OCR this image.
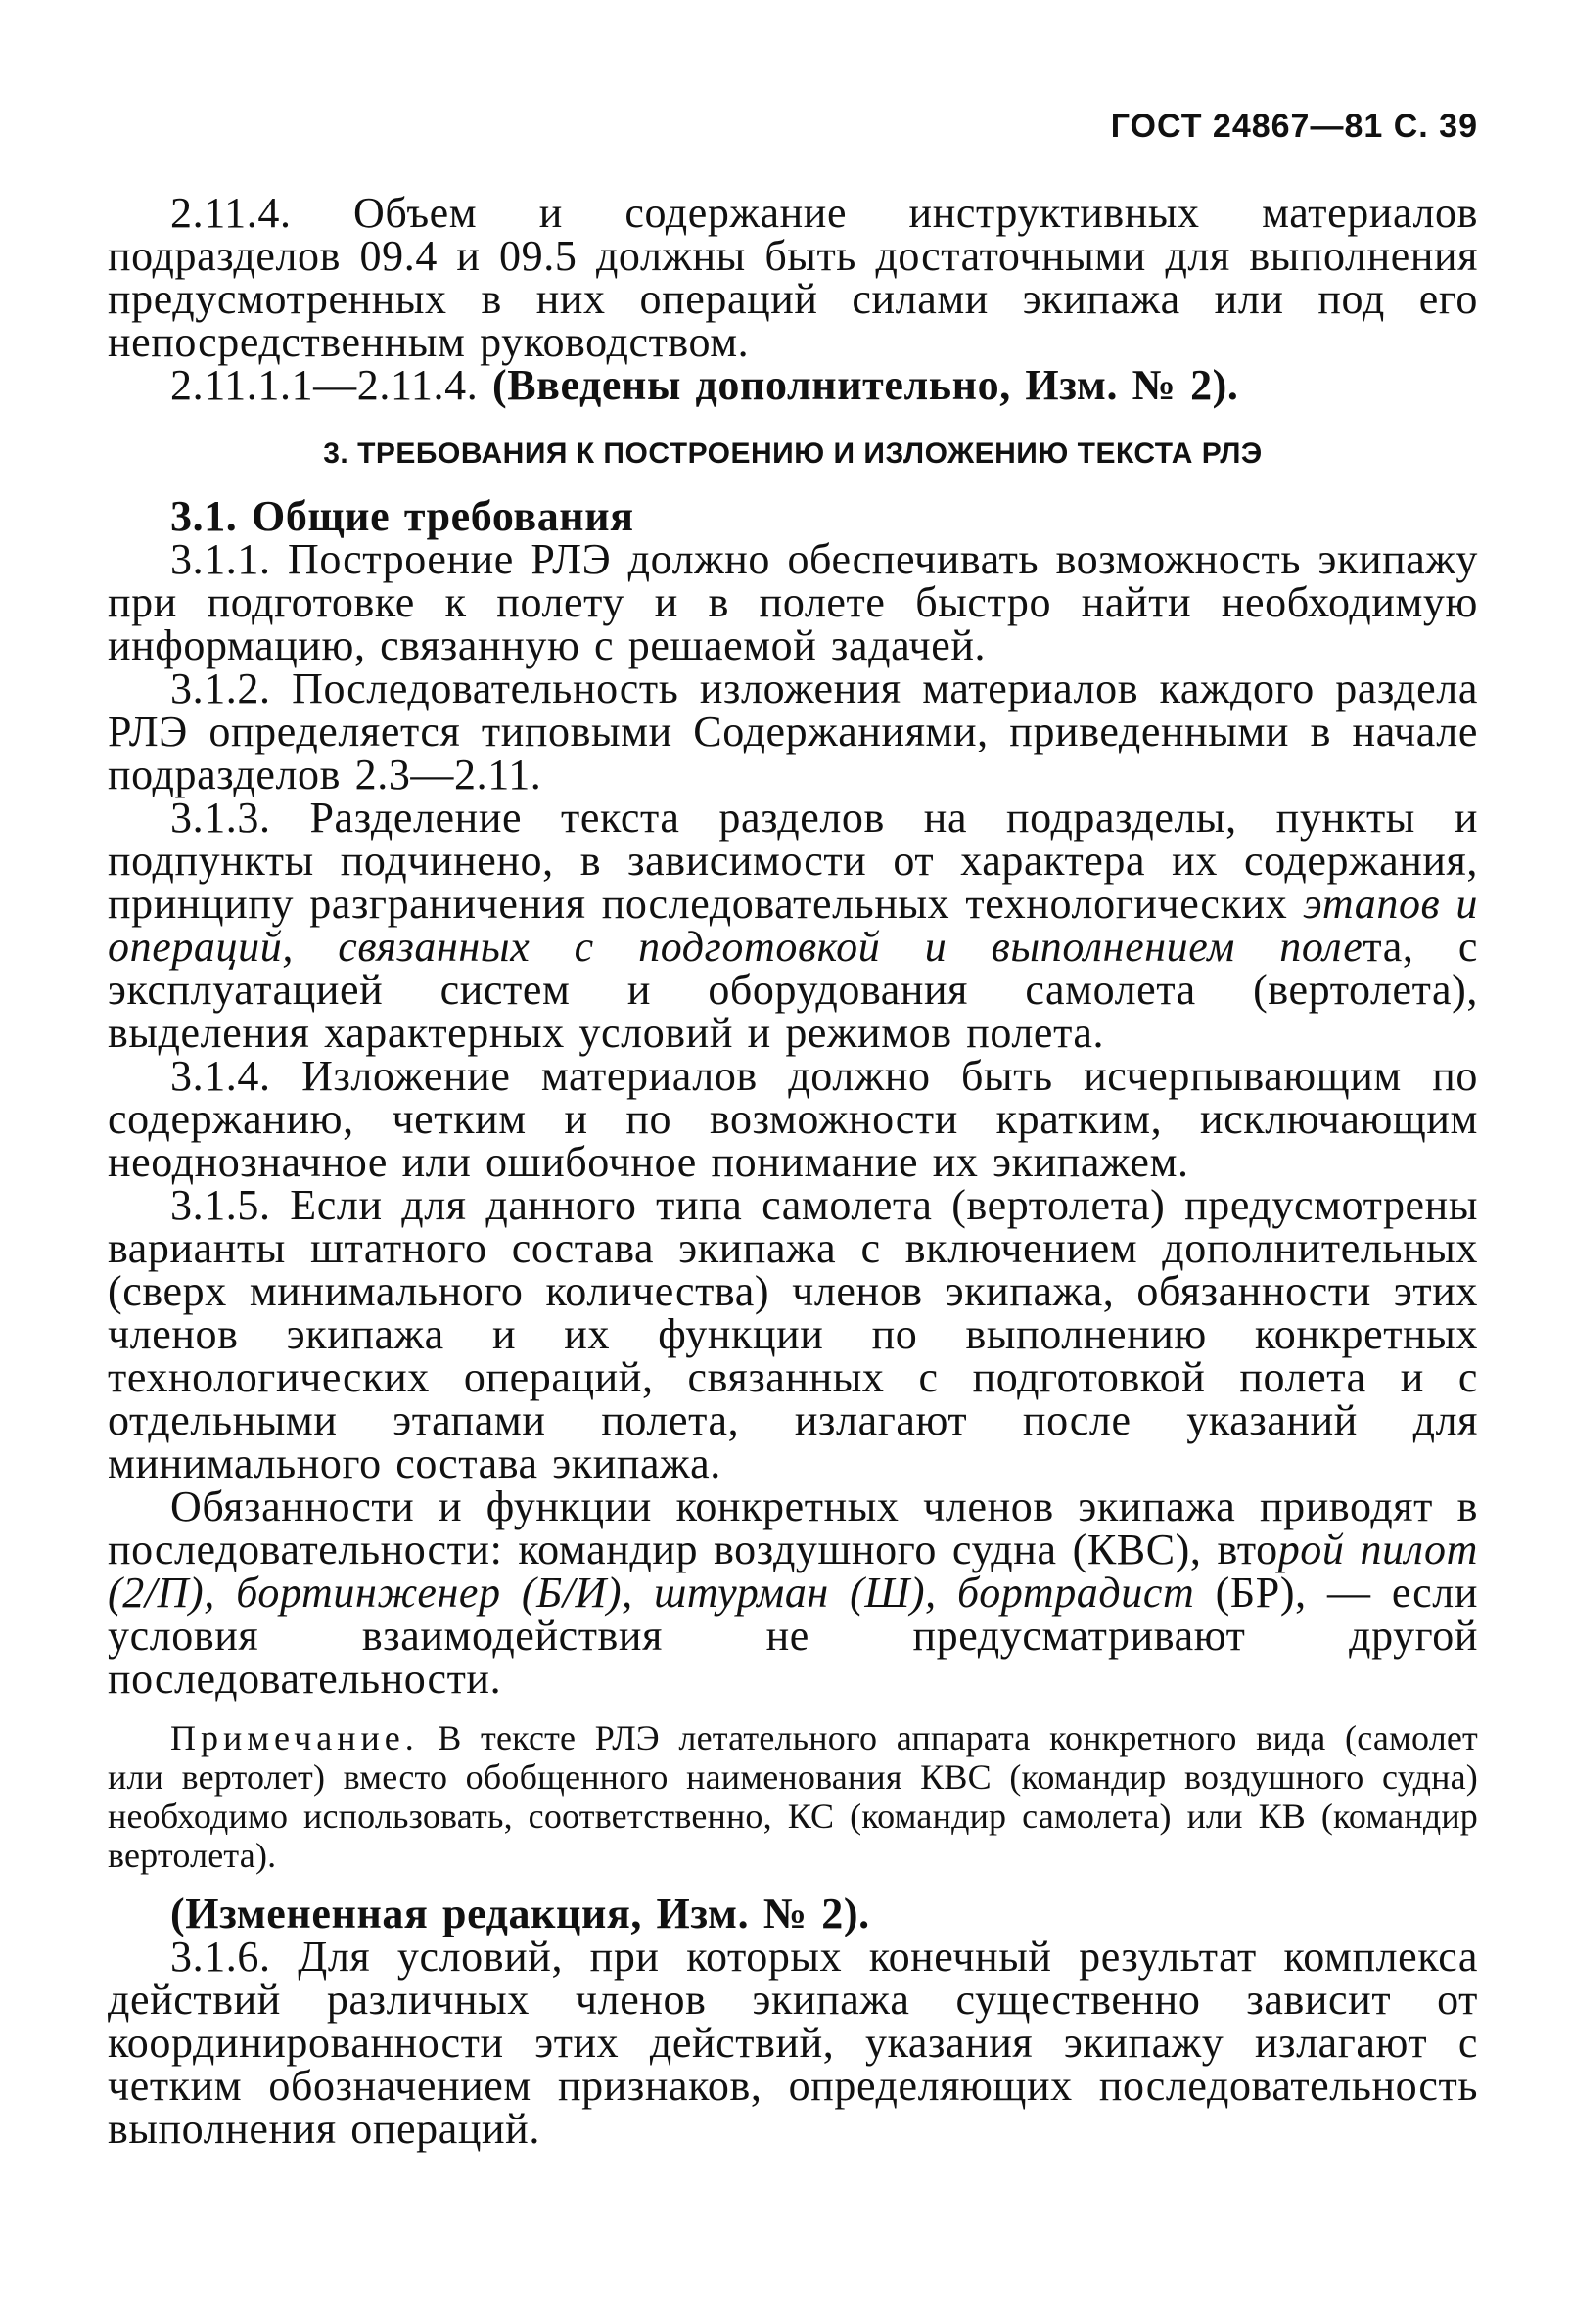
ГОСТ 24867—81 С. 39

2.11.4. Объем и содержание инструктивных материалов подразделов 09.4 и 09.5 должны быть достаточными для выполнения предусмотренных в них операций силами экипажа или под его непосредственным руководством.

2.11.1.1—2.11.4. (Введены дополнительно, Изм. № 2).

3. ТРЕБОВАНИЯ К ПОСТРОЕНИЮ И ИЗЛОЖЕНИЮ ТЕКСТА РЛЭ

3.1. Общие требования

3.1.1. Построение РЛЭ должно обеспечивать возможность экипажу при подготовке к полету и в полете быстро найти необходимую информацию, связанную с решаемой задачей.

3.1.2. Последовательность изложения материалов каждого раздела РЛЭ определяется типовыми Содержаниями, приведенными в начале подразделов 2.3—2.11.

3.1.3. Разделение текста разделов на подразделы, пункты и подпункты подчинено, в зависимости от характера их содержания, принципу разграничения последовательных технологических этапов и операций, связанных с подготовкой и выполнением полета, с эксплуатацией систем и оборудования самолета (вертолета), выделения характерных условий и режимов полета.

3.1.4. Изложение материалов должно быть исчерпывающим по содержанию, четким и по возможности кратким, исключающим неоднозначное или ошибочное понимание их экипажем.

3.1.5. Если для данного типа самолета (вертолета) предусмотрены варианты штатного состава экипажа с включением дополнительных (сверх минимального количества) членов экипажа, обязанности этих членов экипажа и их функции по выполнению конкретных технологических операций, связанных с подготовкой полета и с отдельными этапами полета, излагают после указаний для минимального состава экипажа.

Обязанности и функции конкретных членов экипажа приводят в последовательности: командир воздушного судна (КВС), второй пилот (2/П), бортинженер (Б/И), штурман (Ш), бортрадист (БР), — если условия взаимодействия не предусматривают другой последовательности.

Примечание. В тексте РЛЭ летательного аппарата конкретного вида (самолет или вертолет) вместо обобщенного наименования КВС (командир воздушного судна) необходимо использовать, соответственно, КС (командир самолета) или КВ (командир вертолета).

(Измененная редакция, Изм. № 2).

3.1.6. Для условий, при которых конечный результат комплекса действий различных членов экипажа существенно зависит от координированности этих действий, указания экипажу излагают с четким обозначением признаков, определяющих последовательность выполнения операций.
